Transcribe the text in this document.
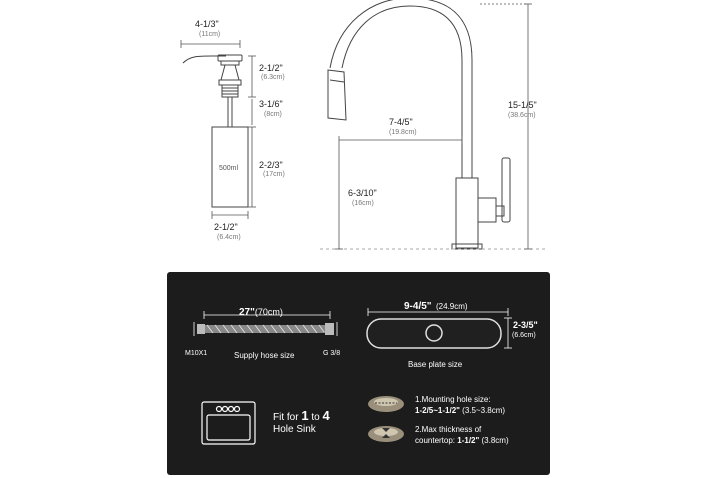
4-1/3"
(11cm)
2-1/2"
(6.3cm)
3-1/6"
(8cm)
2-2/3"
(17cm)
500ml
2-1/2"
(6.4cm)
7-4/5"
(19.8cm)
15-1/5"
(38.6cm)
6-3/10"
(16cm)
27"(70cm)
M10X1	G 3/8
Supply hose size
9-4/5" (24.9cm)
2-3/5"
(6.6cm)
Base plate size
Fit for 1 to 4
Hole Sink
1.Mounting hole size:
1-2/5~1-1/2" (3.5~3.8cm)
2.Max thickness of
countertop: 1-1/2" (3.8cm)
